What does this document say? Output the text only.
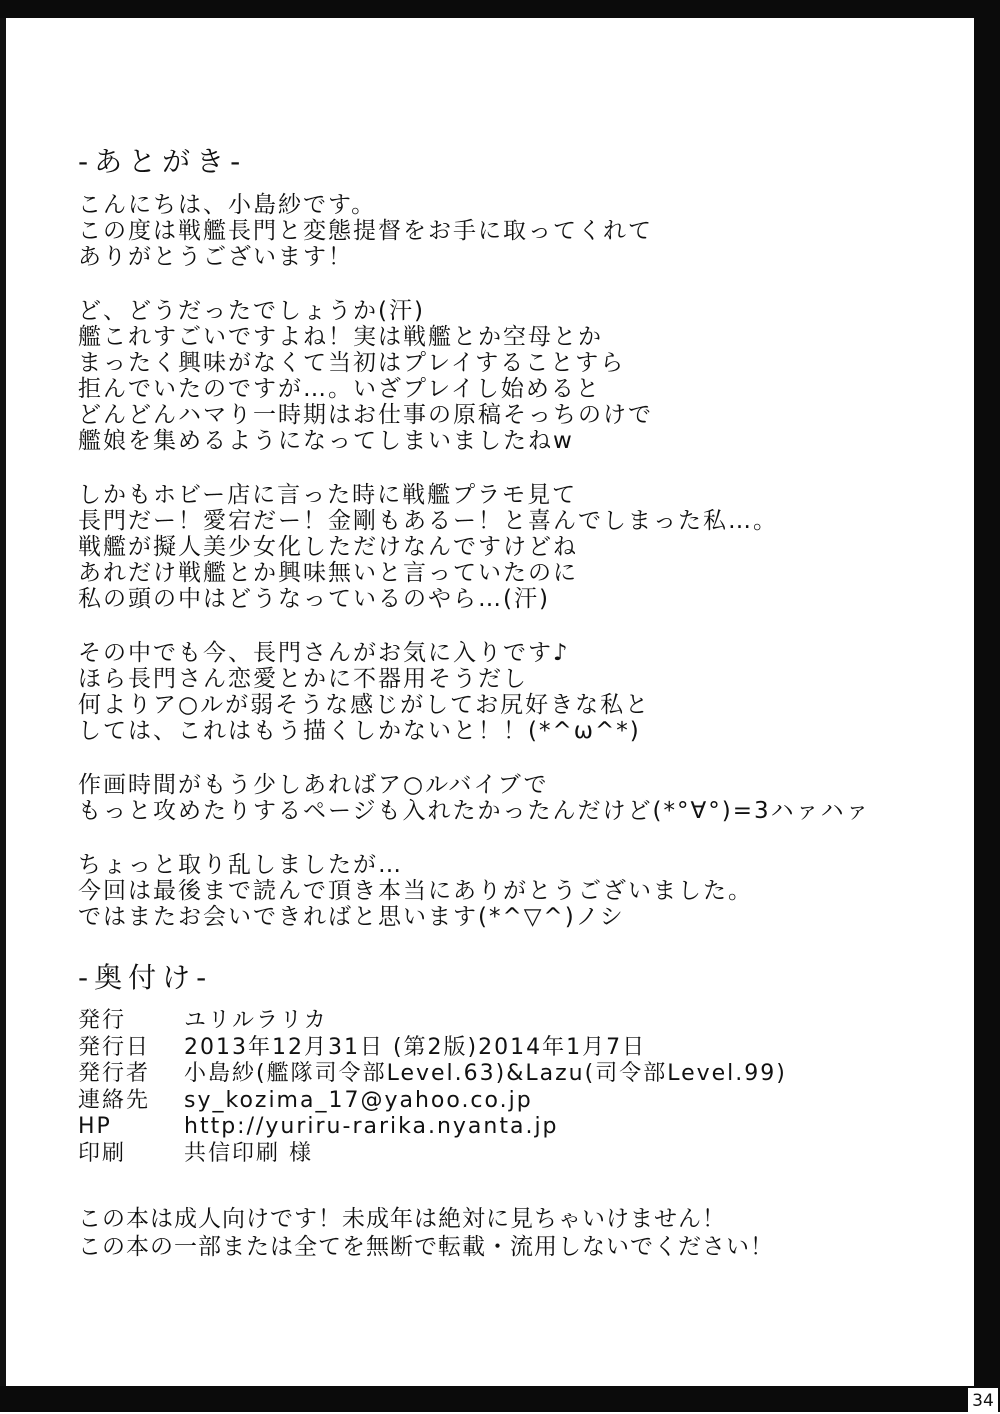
34
-あとがき-
こんにちは、小島紗です。
この度は戦艦長門と変態提督をお手に取ってくれて
ありがとうございます！
ど、どうだったでしょうか(汗)
艦これすごいですよね！実は戦艦とか空母とか
まったく興味がなくて当初はプレイすることすら
拒んでいたのですが…。いざプレイし始めると
どんどんハマり一時期はお仕事の原稿そっちのけで
艦娘を集めるようになってしまいましたねw
しかもホビー店に言った時に戦艦プラモ見て
長門だー！愛宕だー！金剛もあるー！と喜んでしまった私…。
戦艦が擬人美少女化しただけなんですけどね
あれだけ戦艦とか興味無いと言っていたのに
私の頭の中はどうなっているのやら…(汗)
その中でも今、長門さんがお気に入りです♪
ほら長門さん恋愛とかに不器用そうだし
何よりア○ルが弱そうな感じがしてお尻好きな私と
しては、これはもう描くしかないと！！(*^ω^*)
作画時間がもう少しあればア○ルバイブで
もっと攻めたりするページも入れたかったんだけど(*°∀°)=3ハァハァ
ちょっと取り乱しましたが…
今回は最後まで読んで頂き本当にありがとうございました。
ではまたお会いできればと思います(*^▽^)ノシ
-奥付け-
発行	ユリルラリカ
発行日	2013年12月31日 (第2版)2014年1月7日
発行者	小島紗(艦隊司令部Level.63)&Lazu(司令部Level.99)
連絡先	sy_kozima_17@yahoo.co.jp
HP	http://yuriru-rarika.nyanta.jp
印刷	共信印刷 様
この本は成人向けです！未成年は絶対に見ちゃいけません！
この本の一部または全てを無断で転載・流用しないでください！
